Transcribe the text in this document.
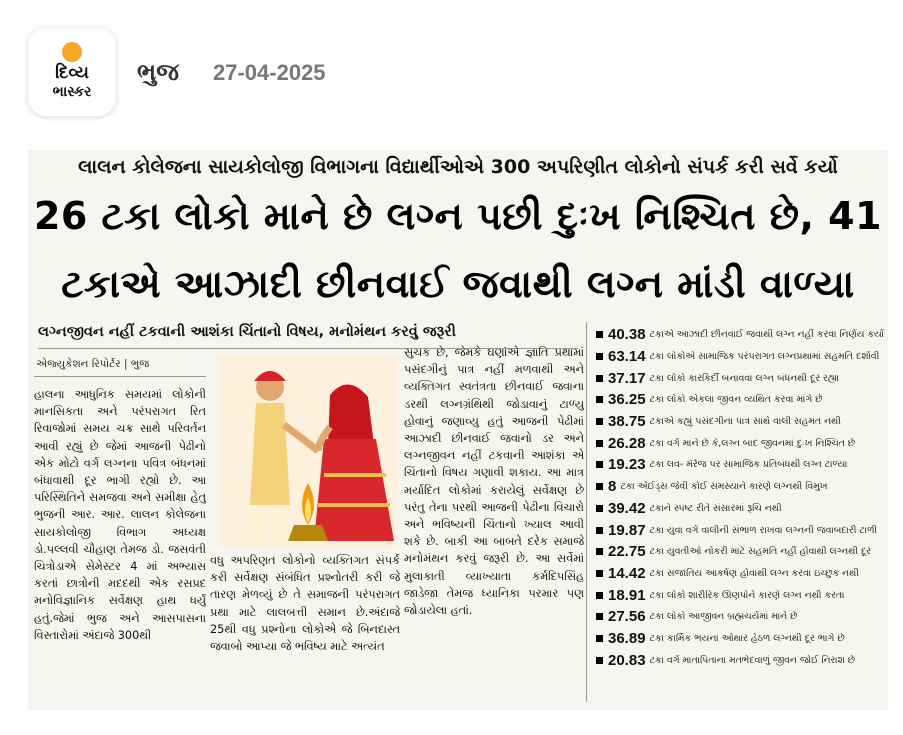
દિવ્ય
ભાસ્કર
ભુજ 27-04-2025
લાલન કોલેજના સાયકોલોજી વિભાગના વિદ્યાર્થીઓએ 300 અપરિણીત લોકોનો સંપર્ક કરી સર્વે કર્યો
26 ટકા લોકો માને છે લગ્ન પછી દુઃખ નિશ્ચિત છે, 41
ટકાએ આઝાદી છીનવાઈ જવાથી લગ્ન માંડી વાળ્યા
લગ્નજીવન નહીં ટકવાની આશંકા ચિંતાનો વિષય, મનોમંથન કરવું જરૂરી
એજ્યુકેશન રિપોર્ટર | ભુજ
હાલના આધુનિક સમયમાં લોકોની માનસિકતા અને પરંપરાગત રિત રિવાજોમાં સમય ચક્ર સાથે પરિવર્તન આવી રહ્યું છે જેમાં આજની પેઢીનો એક મોટો વર્ગ લગ્નના પવિત્ર બંધનમાં બંધાવાથી દૂર ભાગી રહ્યો છે. આ પરિસ્થિતિને સમજવા અને સમીક્ષા હેતુ ભુજની આર. આર. લાલન કોલેજના સાયકોલોજી વિભાગ અધ્યક્ષ ડો.પલ્લવી ચૌહાણ તેમજ ડો. જસવંતી ચિત્રોડાએ સેમેસ્ટર 4 માં અભ્યાસ કરતાં છાત્રોની મદદથી એક રસપ્રદ મનોવિજ્ઞાનિક સર્વેક્ષણ હાથ ધર્યું હતું.જેમાં ભુજ અને આસપાસના વિસ્તારોમાં અંદાજે 300થી
વધુ અપરિણત લોકોનો વ્યક્તિગત સંપર્ક કરી સર્વેક્ષણ સંબંધિત પ્રશ્નોતરી કરી જે તારણ મેળવ્યું છે તે સમાજની પરંપરાગત પ્રથા માટે લાલબત્તી સમાન છે.અંદાજે 25થી વધુ પ્રશ્નોના લોકોએ જે બિનદાસ્ત જવાબો આપ્યા જે ભવિષ્ય માટે અત્યંત
સુચક છે, જેમકે ઘણાંએ જ્ઞાતિ પ્રથામાં પસંદગીનું પાત્ર નહીં મળવાથી અને વ્યક્તિગત સ્વતંત્રતા છીનવાઈ જવાના ડરથી લગ્નગ્રંથિથી જોડાવાનું ટાળ્યુ હોવાનું જણાવ્યુ હતું આજની પેઢીમાં આઝાદી છીનવાઈ જવાનો ડર અને લગ્નજીવન નહીં ટકવાની આશંકા એ ચિંતાનો વિષય ગણાવી શકાય. આ માત્ર મર્યાદિત લોકોમાં કરાયેલું સર્વેક્ષણ છે પરંતુ તેના પરથી આજની પેઢીના વિચારો અને ભવિષ્યની ચિંતાનો ખ્યાલ આવી શકે છે. બાકી આ બાબતે દરેક સમાજે મનોમંથન કરવું જરૂરી છે. આ સર્વેમાં મુલાકાતી વ્યાખ્યાતા કર્મદિપસિંહ જાડેજા તેમજ ધ્યાનિકા પરમાર પણ જોડાયેલા હતાં.
40.38 ટકાએ આઝાદી છીનવાઈ જવાથી લગ્ન નહીં કરવા નિર્ણય કર્યો
63.14 ટકા લોકોએ સામાજિક પરંપરાગત લગ્નપ્રથામાં સહમતિ દર્શાવી
37.17 ટકા લોકો કારકિર્દી બનાવવા લગ્ન બંધનથી દૂર રહ્યા
36.25 ટકા લોકો એકલા જીવન વ્યથિત કરવા માંગે છે
38.75 ટકાએ કહ્યું પસંદગીના પાત્ર સાથે વાલી સહમત નથી
26.28 ટકા વર્ગ માને છે કે,લગ્ન બાદ જીવનમાં દુઃખ નિશ્ચિત છે
19.23 ટકા લવ- મૅરેજ પર સામાજિક પ્રતિબંધથી લગ્ન ટાળ્યા
8 ટકા એઈડ્સ જેવી કોઈ સમસ્યાને કારણે લગ્નથી વિમુખ
39.42 ટકાને સ્પષ્ટ રીતે સંસારમાં રૂચિ નથી
19.87 ટકા યુવા વર્ગ વાલીની સંભાળ રાખવા લગ્નની જવાબદારી ટાળી
22.75 ટકા યુવતીઓ નોકરી માટે સહમતિ નહીં હોવાથી લગ્નથી દૂર
14.42 ટકા સજાતિય આકર્ષણ હોવાથી લગ્ન કરવા ઇચ્છુક નથી
18.91 ટકા લોકો શારીરિક ઊણપોને કારણે લગ્ન નથી કરતા
27.56 ટકા લોકો આજીવન બ્રહ્મચર્યમાં માને છે
36.89 ટકા કાર્મિક ભયના ઓથાર હેઠળ લગ્નથી દૂર ભાગે છે
20.83 ટકા વર્ગ માતાપિતાના મતભેદવાળું જીવન જોઈ નિરાશ છે
